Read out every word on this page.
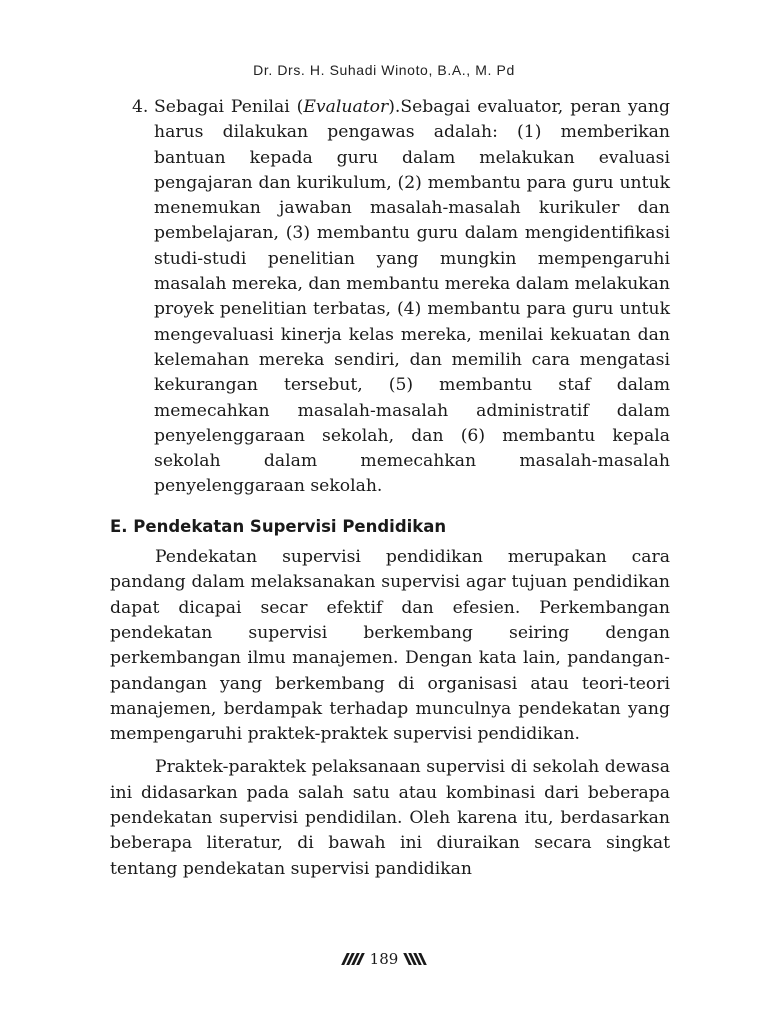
Dr. Drs. H. Suhadi Winoto, B.A., M. Pd
4. Sebagai Penilai (Evaluator).Sebagai evaluator, peran yang harus dilakukan pengawas adalah: (1) memberikan bantuan kepada guru dalam melakukan evaluasi pengajaran dan kurikulum, (2) membantu para guru untuk menemukan jawaban masalah-masalah kurikuler dan pembelajaran, (3) membantu guru dalam mengidentifikasi studi-studi penelitian yang mungkin mempengaruhi masalah mereka, dan membantu mereka dalam melakukan proyek penelitian terbatas, (4) membantu para guru untuk mengevaluasi kinerja kelas mereka, menilai kekuatan dan kelemahan mereka sendiri, dan memilih cara mengatasi kekurangan tersebut, (5) membantu staf dalam memecahkan masalah-masalah administratif dalam penyelenggaraan sekolah, dan (6) membantu kepala sekolah dalam memecahkan masalah-masalah penyelenggaraan sekolah.
E. Pendekatan Supervisi Pendidikan

Pendekatan supervisi pendidikan merupakan cara pandang dalam melaksanakan supervisi agar tujuan pendidikan dapat dicapai secar efektif dan efesien. Perkembangan pendekatan supervisi berkembang seiring dengan perkembangan ilmu manajemen. Dengan kata lain, pandangan-pandangan yang berkembang di organisasi atau teori-teori manajemen, berdampak terhadap munculnya pendekatan yang mempengaruhi praktek-praktek supervisi pendidikan.

Praktek-paraktek pelaksanaan supervisi di sekolah dewasa ini didasarkan pada salah satu atau kombinasi dari beberapa pendekatan supervisi pendidilan. Oleh karena itu, berdasarkan beberapa literatur, di bawah ini diuraikan secara singkat tentang pendekatan supervisi pandidikan

189
